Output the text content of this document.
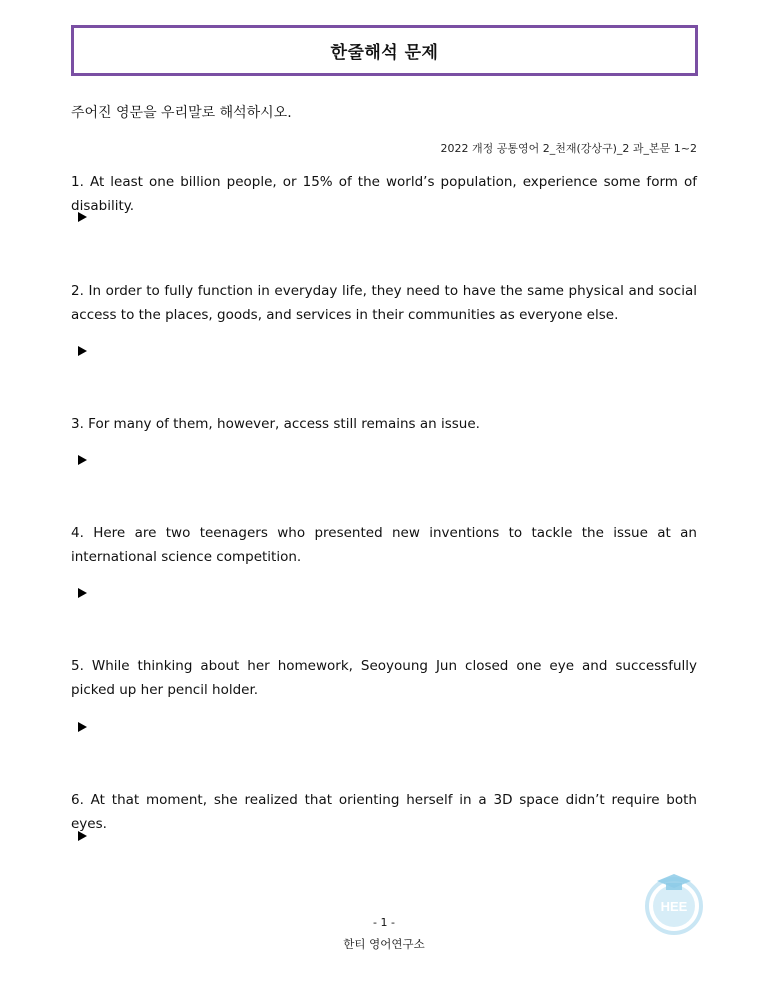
한줄해석 문제
주어진 영문을 우리말로 해석하시오.
2022 개정 공통영어 2_천재(강상구)_2 과_본문 1~2
1. At least one billion people, or 15% of the world’s population, experience some form of disability.
2. In order to fully function in everyday life, they need to have the same physical and social access to the places, goods, and services in their communities as everyone else.
3. For many of them, however, access still remains an issue.
4. Here are two teenagers who presented new inventions to tackle the issue at an international science competition.
5. While thinking about her homework, Seoyoung Jun closed one eye and successfully picked up her pencil holder.
6. At that moment, she realized that orienting herself in a 3D space didn’t require both eyes.
- 1 -
한티 영어연구소
HEE
